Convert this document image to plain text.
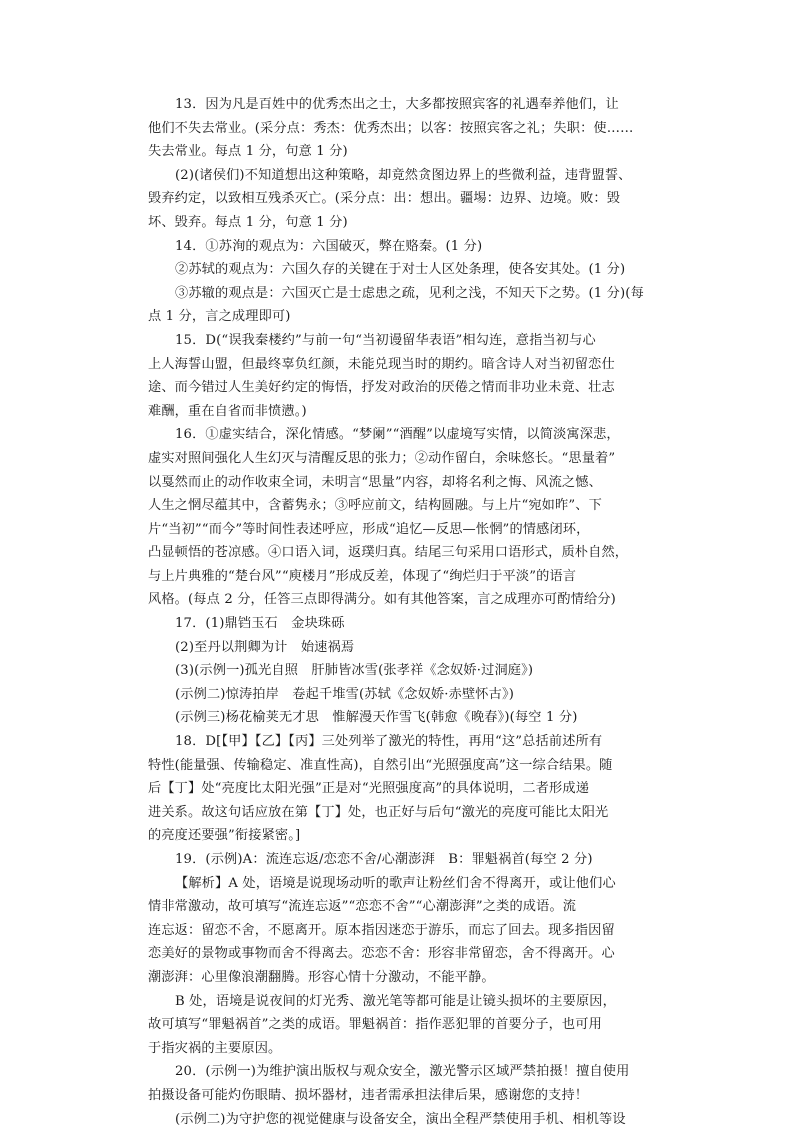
13．因为凡是百姓中的优秀杰出之士，大多都按照宾客的礼遇奉养他们，让
他们不失去常业。(采分点：秀杰：优秀杰出；以客：按照宾客之礼；失职：使……
失去常业。每点 1 分，句意 1 分)
(2)(诸侯们)不知道想出这种策略，却竟然贪图边界上的些微利益，违背盟誓、
毁弃约定，以致相互残杀灭亡。(采分点：出：想出。疆埸：边界、边境。败：毁
坏、毁弃。每点 1 分，句意 1 分)
14．①苏洵的观点为：六国破灭，弊在赂秦。(1 分)
②苏轼的观点为：六国久存的关键在于对士人区处条理，使各安其处。(1 分)
③苏辙的观点是：六国灭亡是士虑患之疏，见利之浅，不知天下之势。(1 分)(每
点 1 分，言之成理即可)
15．D(“误我秦楼约”与前一句“当初谩留华表语”相勾连，意指当初与心
上人海誓山盟，但最终辜负红颜，未能兑现当时的期约。暗含诗人对当初留恋仕
途、而今错过人生美好约定的悔悟，抒发对政治的厌倦之情而非功业未竟、壮志
难酬，重在自省而非愤懑。)
16．①虚实结合，深化情感。“梦阑”“酒醒”以虚境写实情，以简淡寓深悲，
虚实对照间强化人生幻灭与清醒反思的张力；②动作留白，余味悠长。“思量着”
以戛然而止的动作收束全词，未明言“思量”内容，却将名利之悔、风流之憾、
人生之惘尽蕴其中，含蓄隽永；③呼应前文，结构圆融。与上片“宛如昨”、下
片“当初”“而今”等时间性表述呼应，形成“追忆—反思—怅惘”的情感闭环，
凸显顿悟的苍凉感。④口语入词，返璞归真。结尾三句采用口语形式，质朴自然，
与上片典雅的“楚台风”“庾楼月”形成反差，体现了“绚烂归于平淡”的语言
风格。(每点 2 分，任答三点即得满分。如有其他答案，言之成理亦可酌情给分)
17．(1)鼎铛玉石　金块珠砾
(2)至丹以荆卿为计　始速祸焉
(3)(示例一)孤光自照　肝肺皆冰雪(张孝祥《念奴娇·过洞庭》)
(示例二)惊涛拍岸　卷起千堆雪(苏轼《念奴娇·赤壁怀古》)
(示例三)杨花榆荚无才思　惟解漫天作雪飞(韩愈《晚春》)(每空 1 分)
18．D[【甲】【乙】【丙】三处列举了激光的特性，再用“这”总括前述所有
特性(能量强、传输稳定、准直性高)，自然引出“光照强度高”这一综合结果。随
后【丁】处“亮度比太阳光强”正是对“光照强度高”的具体说明，二者形成递
进关系。故这句话应放在第【丁】处，也正好与后句“激光的亮度可能比太阳光
的亮度还要强”衔接紧密。]
19．(示例)A：流连忘返/恋恋不舍/心潮澎湃　B：罪魁祸首(每空 2 分)
【解析】A 处，语境是说现场动听的歌声让粉丝们舍不得离开，或让他们心
情非常激动，故可填写“流连忘返”“恋恋不舍”“心潮澎湃”之类的成语。流
连忘返：留恋不舍，不愿离开。原本指因迷恋于游乐，而忘了回去。现多指因留
恋美好的景物或事物而舍不得离去。恋恋不舍：形容非常留恋，舍不得离开。心
潮澎湃：心里像浪潮翻腾。形容心情十分激动，不能平静。
B 处，语境是说夜间的灯光秀、激光笔等都可能是让镜头损坏的主要原因，
故可填写“罪魁祸首”之类的成语。罪魁祸首：指作恶犯罪的首要分子，也可用
于指灾祸的主要原因。
20．(示例一)为维护演出版权与观众安全，激光警示区域严禁拍摄！擅自使用
拍摄设备可能灼伤眼睛、损坏器材，违者需承担法律后果，感谢您的支持！
(示例二)为守护您的视觉健康与设备安全，演出全程严禁使用手机、相机等设
